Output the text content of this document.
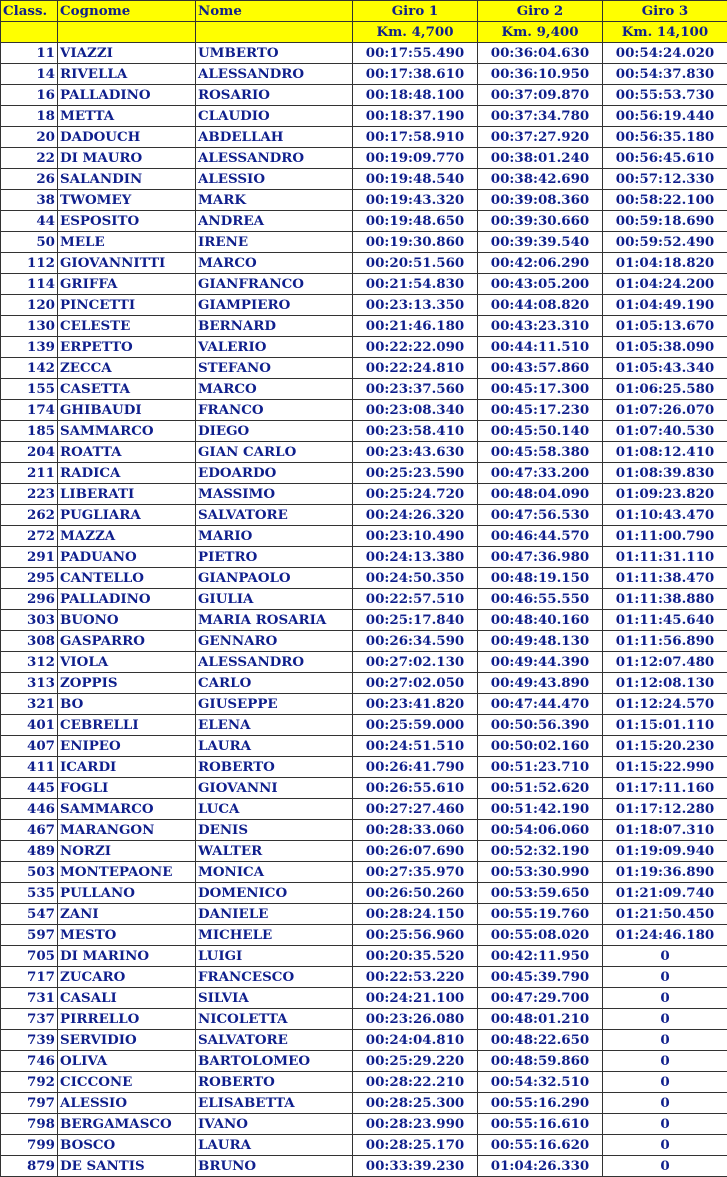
Class.	Cognome	Nome	Giro 1	Giro 2	Giro 3
			Km. 4,700	Km. 9,400	Km. 14,100
11	VIAZZI	UMBERTO	00:17:55.490	00:36:04.630	00:54:24.020
14	RIVELLA	ALESSANDRO	00:17:38.610	00:36:10.950	00:54:37.830
16	PALLADINO	ROSARIO	00:18:48.100	00:37:09.870	00:55:53.730
18	METTA	CLAUDIO	00:18:37.190	00:37:34.780	00:56:19.440
20	DADOUCH	ABDELLAH	00:17:58.910	00:37:27.920	00:56:35.180
22	DI MAURO	ALESSANDRO	00:19:09.770	00:38:01.240	00:56:45.610
26	SALANDIN	ALESSIO	00:19:48.540	00:38:42.690	00:57:12.330
38	TWOMEY	MARK	00:19:43.320	00:39:08.360	00:58:22.100
44	ESPOSITO	ANDREA	00:19:48.650	00:39:30.660	00:59:18.690
50	MELE	IRENE	00:19:30.860	00:39:39.540	00:59:52.490
112	GIOVANNITTI	MARCO	00:20:51.560	00:42:06.290	01:04:18.820
114	GRIFFA	GIANFRANCO	00:21:54.830	00:43:05.200	01:04:24.200
120	PINCETTI	GIAMPIERO	00:23:13.350	00:44:08.820	01:04:49.190
130	CELESTE	BERNARD	00:21:46.180	00:43:23.310	01:05:13.670
139	ERPETTO	VALERIO	00:22:22.090	00:44:11.510	01:05:38.090
142	ZECCA	STEFANO	00:22:24.810	00:43:57.860	01:05:43.340
155	CASETTA	MARCO	00:23:37.560	00:45:17.300	01:06:25.580
174	GHIBAUDI	FRANCO	00:23:08.340	00:45:17.230	01:07:26.070
185	SAMMARCO	DIEGO	00:23:58.410	00:45:50.140	01:07:40.530
204	ROATTA	GIAN CARLO	00:23:43.630	00:45:58.380	01:08:12.410
211	RADICA	EDOARDO	00:25:23.590	00:47:33.200	01:08:39.830
223	LIBERATI	MASSIMO	00:25:24.720	00:48:04.090	01:09:23.820
262	PUGLIARA	SALVATORE	00:24:26.320	00:47:56.530	01:10:43.470
272	MAZZA	MARIO	00:23:10.490	00:46:44.570	01:11:00.790
291	PADUANO	PIETRO	00:24:13.380	00:47:36.980	01:11:31.110
295	CANTELLO	GIANPAOLO	00:24:50.350	00:48:19.150	01:11:38.470
296	PALLADINO	GIULIA	00:22:57.510	00:46:55.550	01:11:38.880
303	BUONO	MARIA ROSARIA	00:25:17.840	00:48:40.160	01:11:45.640
308	GASPARRO	GENNARO	00:26:34.590	00:49:48.130	01:11:56.890
312	VIOLA	ALESSANDRO	00:27:02.130	00:49:44.390	01:12:07.480
313	ZOPPIS	CARLO	00:27:02.050	00:49:43.890	01:12:08.130
321	BO	GIUSEPPE	00:23:41.820	00:47:44.470	01:12:24.570
401	CEBRELLI	ELENA	00:25:59.000	00:50:56.390	01:15:01.110
407	ENIPEO	LAURA	00:24:51.510	00:50:02.160	01:15:20.230
411	ICARDI	ROBERTO	00:26:41.790	00:51:23.710	01:15:22.990
445	FOGLI	GIOVANNI	00:26:55.610	00:51:52.620	01:17:11.160
446	SAMMARCO	LUCA	00:27:27.460	00:51:42.190	01:17:12.280
467	MARANGON	DENIS	00:28:33.060	00:54:06.060	01:18:07.310
489	NORZI	WALTER	00:26:07.690	00:52:32.190	01:19:09.940
503	MONTEPAONE	MONICA	00:27:35.970	00:53:30.990	01:19:36.890
535	PULLANO	DOMENICO	00:26:50.260	00:53:59.650	01:21:09.740
547	ZANI	DANIELE	00:28:24.150	00:55:19.760	01:21:50.450
597	MESTO	MICHELE	00:25:56.960	00:55:08.020	01:24:46.180
705	DI MARINO	LUIGI	00:20:35.520	00:42:11.950	0
717	ZUCARO	FRANCESCO	00:22:53.220	00:45:39.790	0
731	CASALI	SILVIA	00:24:21.100	00:47:29.700	0
737	PIRRELLO	NICOLETTA	00:23:26.080	00:48:01.210	0
739	SERVIDIO	SALVATORE	00:24:04.810	00:48:22.650	0
746	OLIVA	BARTOLOMEO	00:25:29.220	00:48:59.860	0
792	CICCONE	ROBERTO	00:28:22.210	00:54:32.510	0
797	ALESSIO	ELISABETTA	00:28:25.300	00:55:16.290	0
798	BERGAMASCO	IVANO	00:28:23.990	00:55:16.610	0
799	BOSCO	LAURA	00:28:25.170	00:55:16.620	0
879	DE SANTIS	BRUNO	00:33:39.230	01:04:26.330	0
